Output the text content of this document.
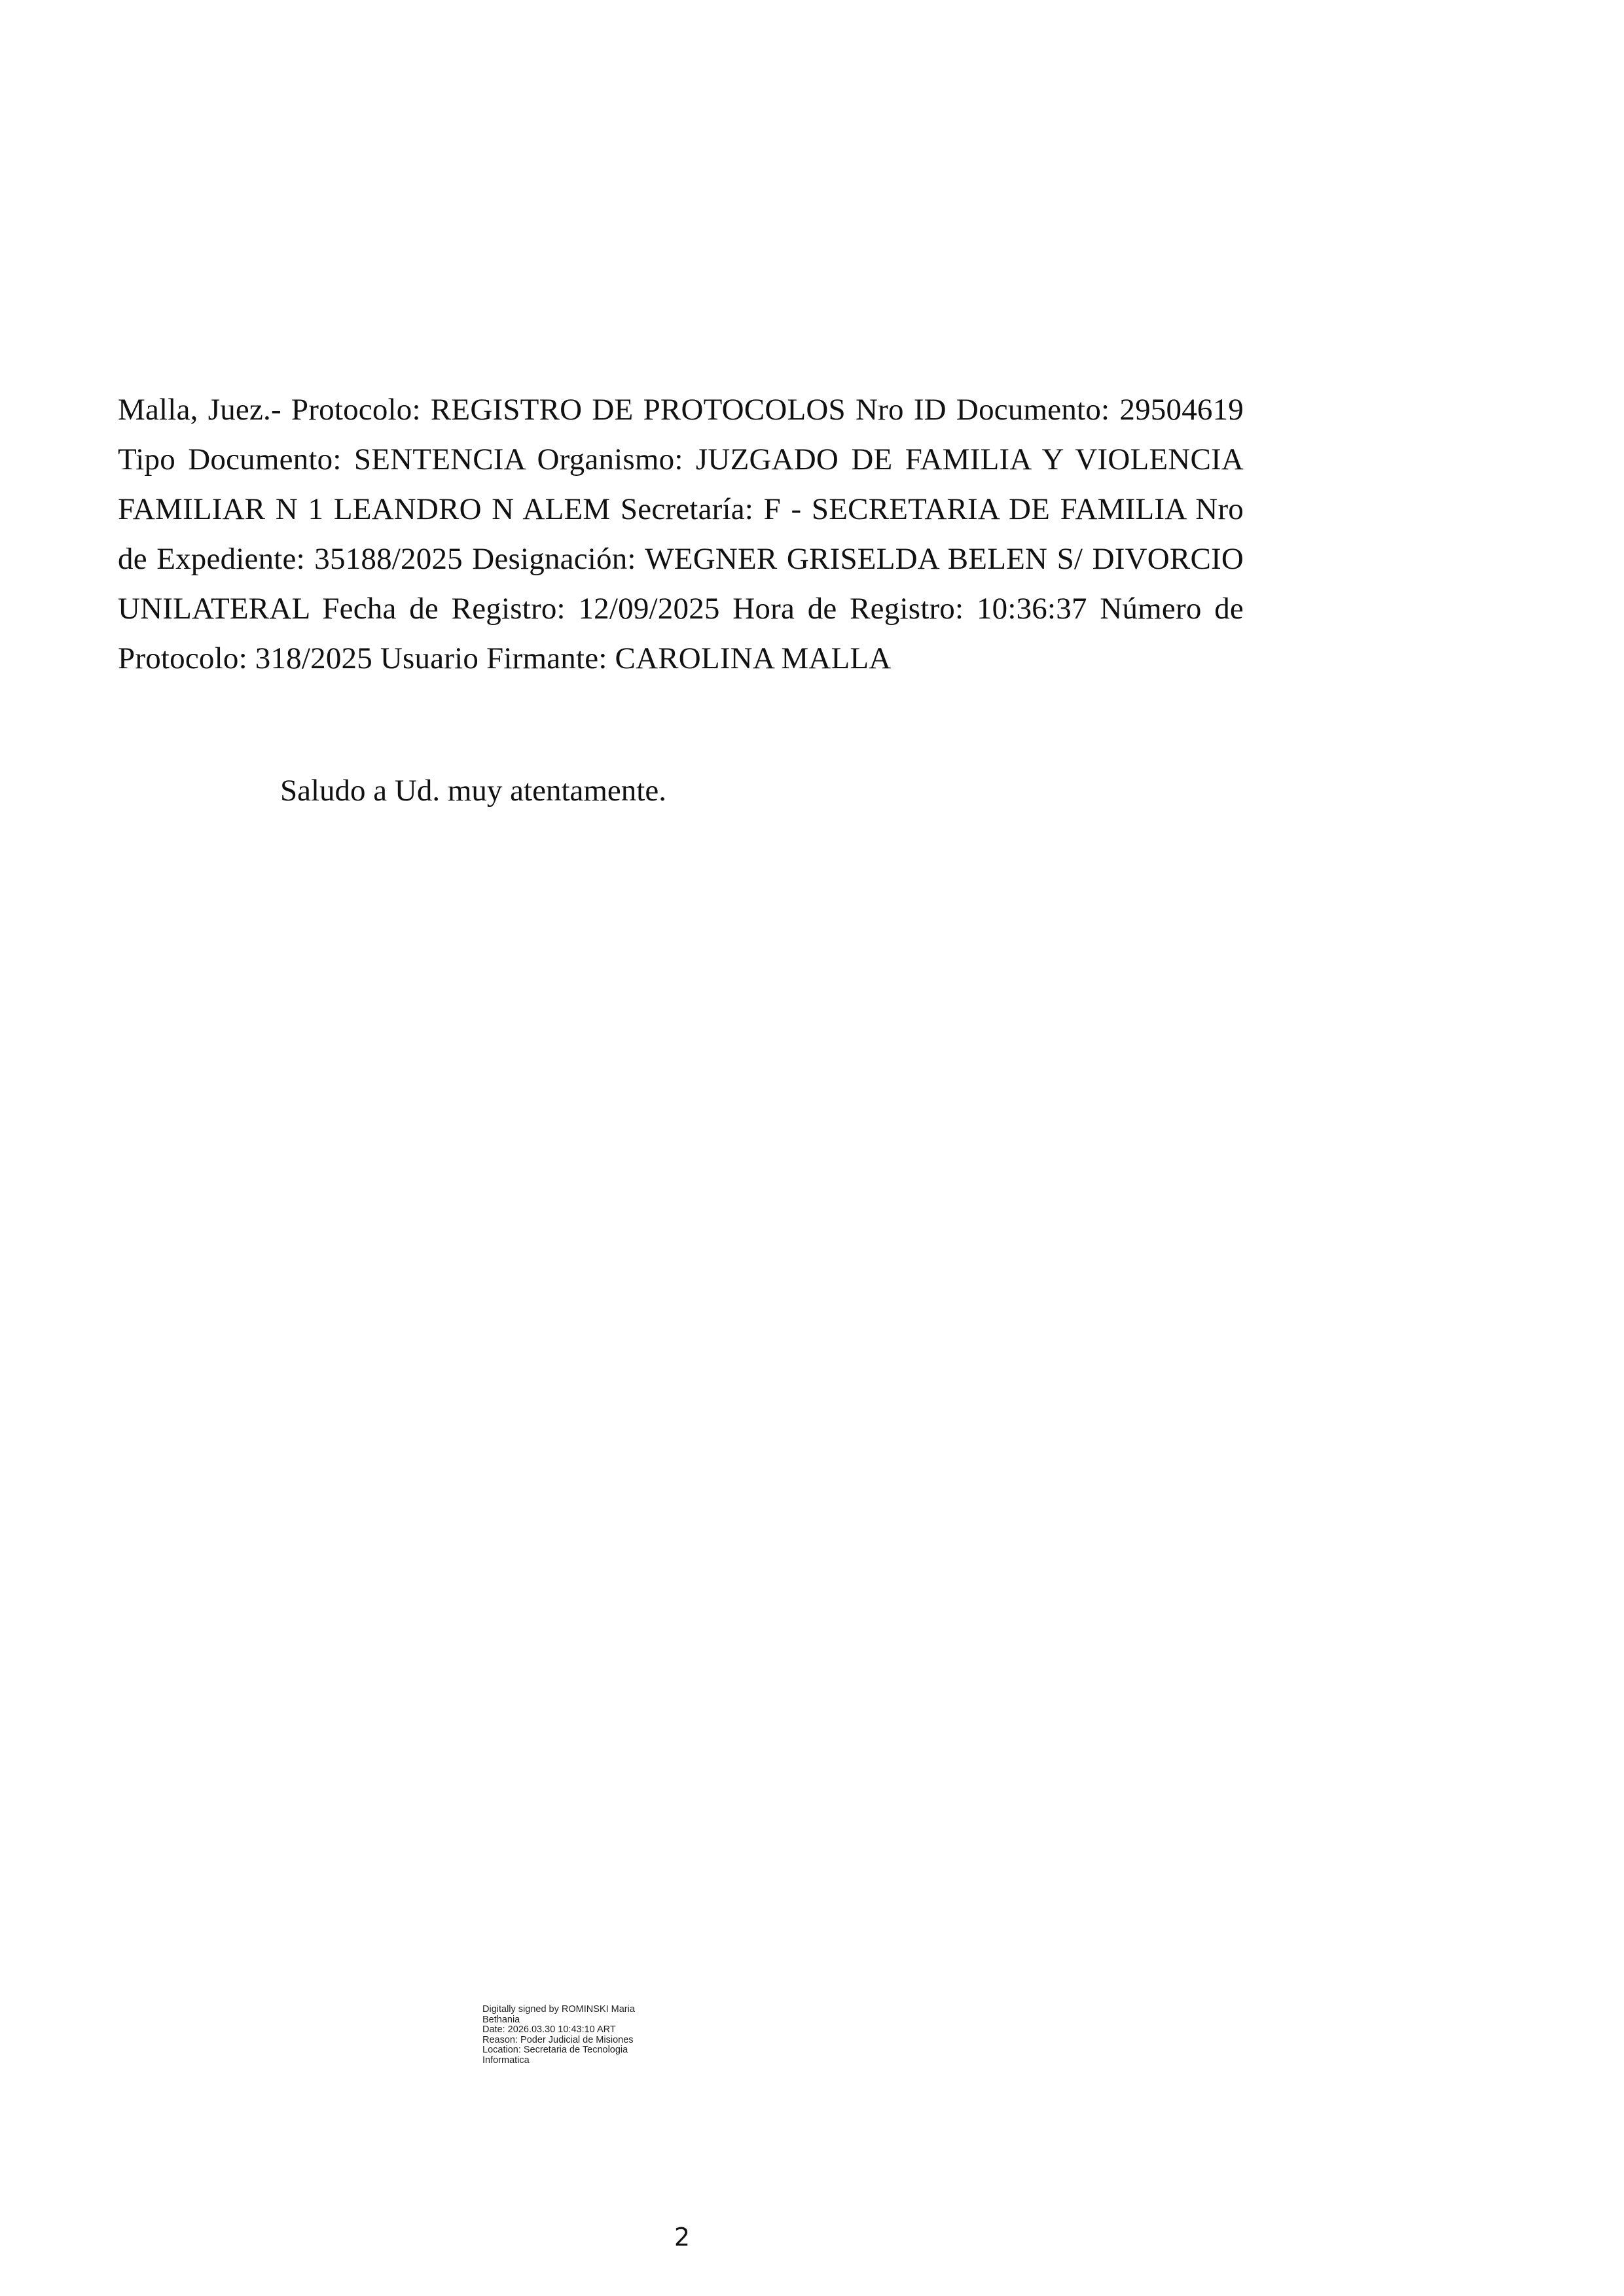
Malla, Juez.- Protocolo: REGISTRO DE PROTOCOLOS Nro ID Documento: 29504619 Tipo Documento: SENTENCIA Organismo: JUZGADO DE FAMILIA Y VIOLENCIA FAMILIAR N 1 LEANDRO N ALEM Secretaría: F - SECRETARIA DE FAMILIA Nro de Expediente: 35188/2025 Designación: WEGNER GRISELDA BELEN S/ DIVORCIO UNILATERAL Fecha de Registro: 12/09/2025 Hora de Registro: 10:36:37 Número de Protocolo: 318/2025 Usuario Firmante: CAROLINA MALLA

Saludo a Ud. muy atentamente.

Digitally signed by ROMINSKI Maria
Bethania
Date: 2026.03.30 10:43:10 ART
Reason: Poder Judicial de Misiones
Location: Secretaria de Tecnologia
Informatica
2
